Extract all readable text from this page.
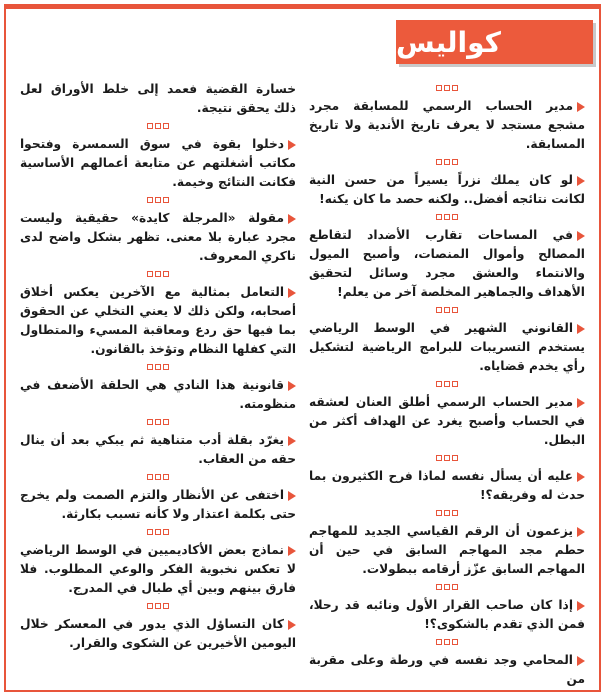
كواليس
مدير الحساب الرسمي للمسابقة مجرد مشجع مستجد لا يعرف تاريخ الأندية ولا تاريخ المسابقة.
لو كان يملك نزراً يسيراً من حسن النية لكانت نتائجه أفضل.. ولكنه حصد ما كان يكنه!
في المساحات تقارب الأضداد لتقاطع المصالح وأموال المنصات، وأصبح الميول والانتماء والعشق مجرد وسائل لتحقيق الأهداف والجماهير المخلصة آخر من يعلم!
القانوني الشهير في الوسط الرياضي يستخدم التسريبات للبرامج الرياضية لتشكيل رأي يخدم قضاياه.
مدير الحساب الرسمي أطلق العنان لعشقه في الحساب وأصبح يغرد عن الهداف أكثر من البطل.
عليه أن يسأل نفسه لماذا فرح الكثيرون بما حدث له وفريقه؟!
يزعمون أن الرقم القياسي الجديد للمهاجم حطم مجد المهاجم السابق في حين أن المهاجم السابق عزّز أرقامه ببطولات.
إذا كان صاحب القرار الأول ونائبه قد رحلا، فمن الذي تقدم بالشكوى؟!
المحامي وجد نفسه في ورطة وعلى مقربة من
خسارة القضية فعمد إلى خلط الأوراق لعل ذلك يحقق نتيجة.
دخلوا بقوة في سوق السمسرة وفتحوا مكاتب أشغلتهم عن متابعة أعمالهم الأساسية فكانت النتائج وخيمة.
مقولة «المرجلة كايدة» حقيقية وليست مجرد عبارة بلا معنى. تظهر بشكل واضح لدى ناكري المعروف.
التعامل بمثالية مع الآخرين يعكس أخلاق أصحابه، ولكن ذلك لا يعني التخلي عن الحقوق بما فيها حق ردع ومعاقبة المسيء والمتطاول التي كفلها النظام وتؤخذ بالقانون.
قانونية هذا النادي هي الحلقة الأضعف في منظومته.
يغرّد بقلة أدب متناهية ثم يبكي بعد أن ينال حقه من العقاب.
اختفى عن الأنظار والتزم الصمت ولم يخرج حتى بكلمة اعتذار ولا كأنه تسبب بكارثة.
نماذج بعض الأكاديميين في الوسط الرياضي لا تعكس نخبوية الفكر والوعي المطلوب. فلا فارق بينهم وبين أي طبال في المدرج.
كان التساؤل الذي يدور في المعسكر خلال اليومين الأخيرين عن الشكوى والقرار.
